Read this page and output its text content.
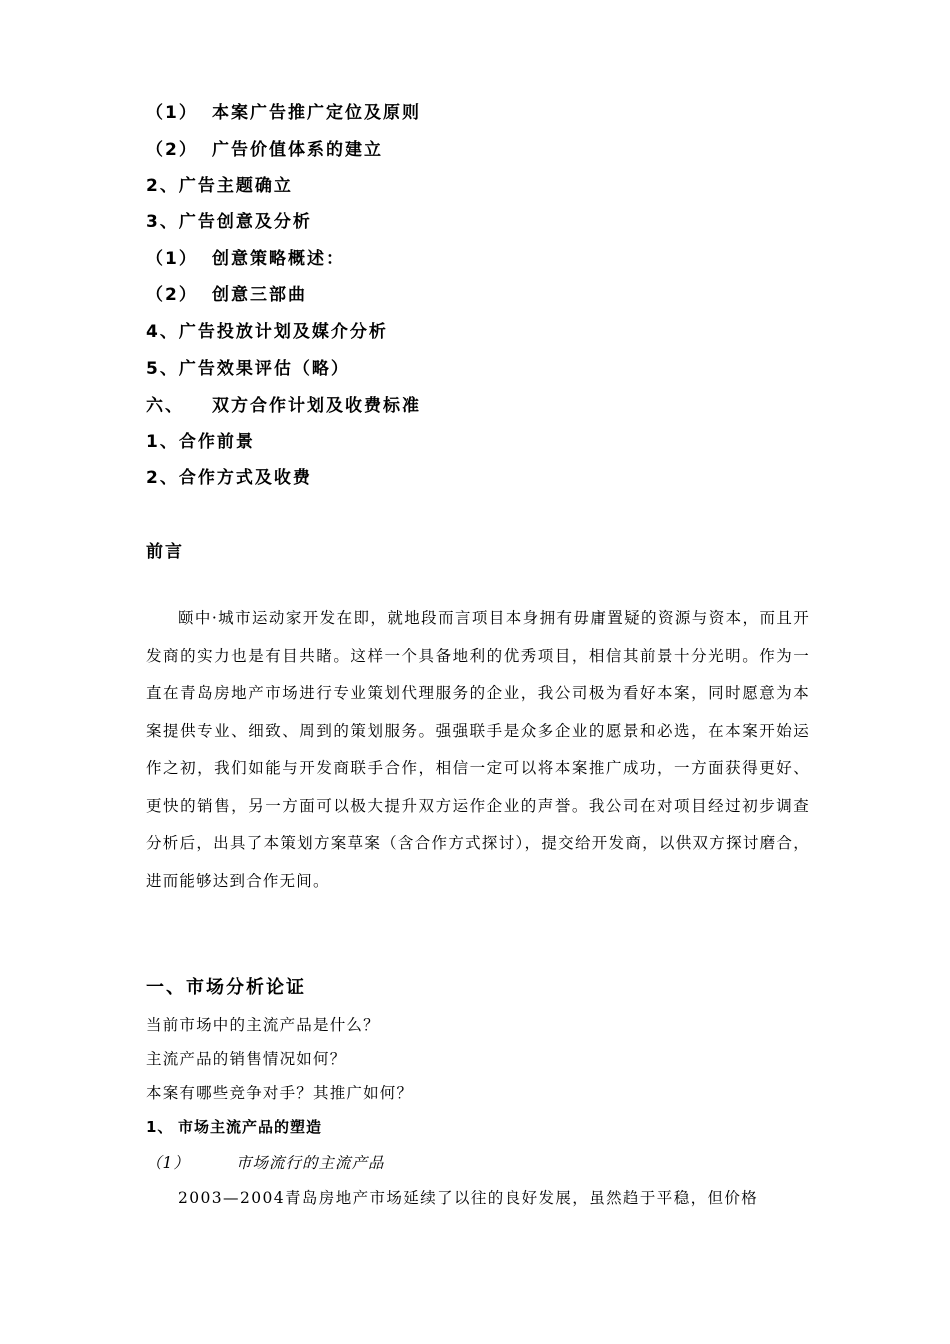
（1） 本案广告推广定位及原则
（2） 广告价值体系的建立
2、广告主题确立
3、广告创意及分析
（1） 创意策略概述：
（2） 创意三部曲
4、广告投放计划及媒介分析
5、广告效果评估（略）
六、 双方合作计划及收费标准
1、合作前景
2、合作方式及收费
前言

颐中·城市运动家开发在即，就地段而言项目本身拥有毋庸置疑的资源与资本，而且开发商的实力也是有目共睹。这样一个具备地利的优秀项目，相信其前景十分光明。作为一直在青岛房地产市场进行专业策划代理服务的企业，我公司极为看好本案，同时愿意为本案提供专业、细致、周到的策划服务。强强联手是众多企业的愿景和必选，在本案开始运作之初，我们如能与开发商联手合作，相信一定可以将本案推广成功，一方面获得更好、更快的销售，另一方面可以极大提升双方运作企业的声誉。我公司在对项目经过初步调查分析后，出具了本策划方案草案（含合作方式探讨），提交给开发商，以供双方探讨磨合，进而能够达到合作无间。

一、市场分析论证
当前市场中的主流产品是什么？
主流产品的销售情况如何？
本案有哪些竞争对手？其推广如何？
1、 市场主流产品的塑造
（1）	市场流行的主流产品
2003—2004青岛房地产市场延续了以往的良好发展，虽然趋于平稳，但价格
